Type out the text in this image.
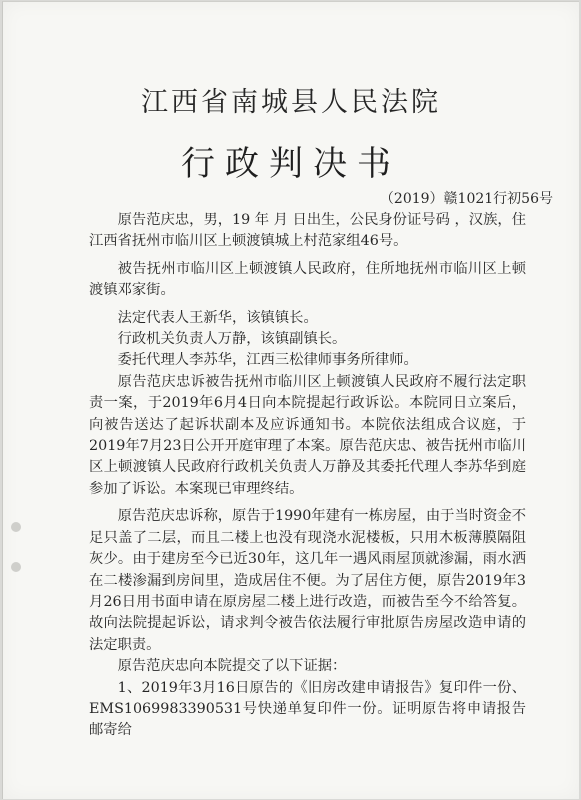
江西省南城县人民法院
行政判决书
（2019）赣1021行初56号

原告范庆忠，男，19 年 月 日出生，公民身份证号码 ，汉族，住江西省抚州市临川区上顿渡镇城上村范家组46号。

被告抚州市临川区上顿渡镇人民政府，住所地抚州市临川区上顿渡镇邓家街。

法定代表人王新华，该镇镇长。

行政机关负责人万静，该镇副镇长。

委托代理人李苏华，江西三松律师事务所律师。

原告范庆忠诉被告抚州市临川区上顿渡镇人民政府不履行法定职责一案，于2019年6月4日向本院提起行政诉讼。本院同日立案后，向被告送达了起诉状副本及应诉通知书。本院依法组成合议庭，于2019年7月23日公开开庭审理了本案。原告范庆忠、被告抚州市临川区上顿渡镇人民政府行政机关负责人万静及其委托代理人李苏华到庭参加了诉讼。本案现已审理终结。

原告范庆忠诉称，原告于1990年建有一栋房屋，由于当时资金不足只盖了二层，而且二楼上也没有现浇水泥楼板，只用木板薄膜隔阻灰少。由于建房至今已近30年，这几年一遇风雨屋顶就渗漏，雨水洒在二楼渗漏到房间里，造成居住不便。为了居住方便，原告2019年3月26日用书面申请在原房屋二楼上进行改造，而被告至今不给答复。故向法院提起诉讼，请求判令被告依法履行审批原告房屋改造申请的法定职责。

原告范庆忠向本院提交了以下证据：

1、2019年3月16日原告的《旧房改建申请报告》复印件一份、EMS1069983390531号快递单复印件一份。证明原告将申请报告邮寄给
